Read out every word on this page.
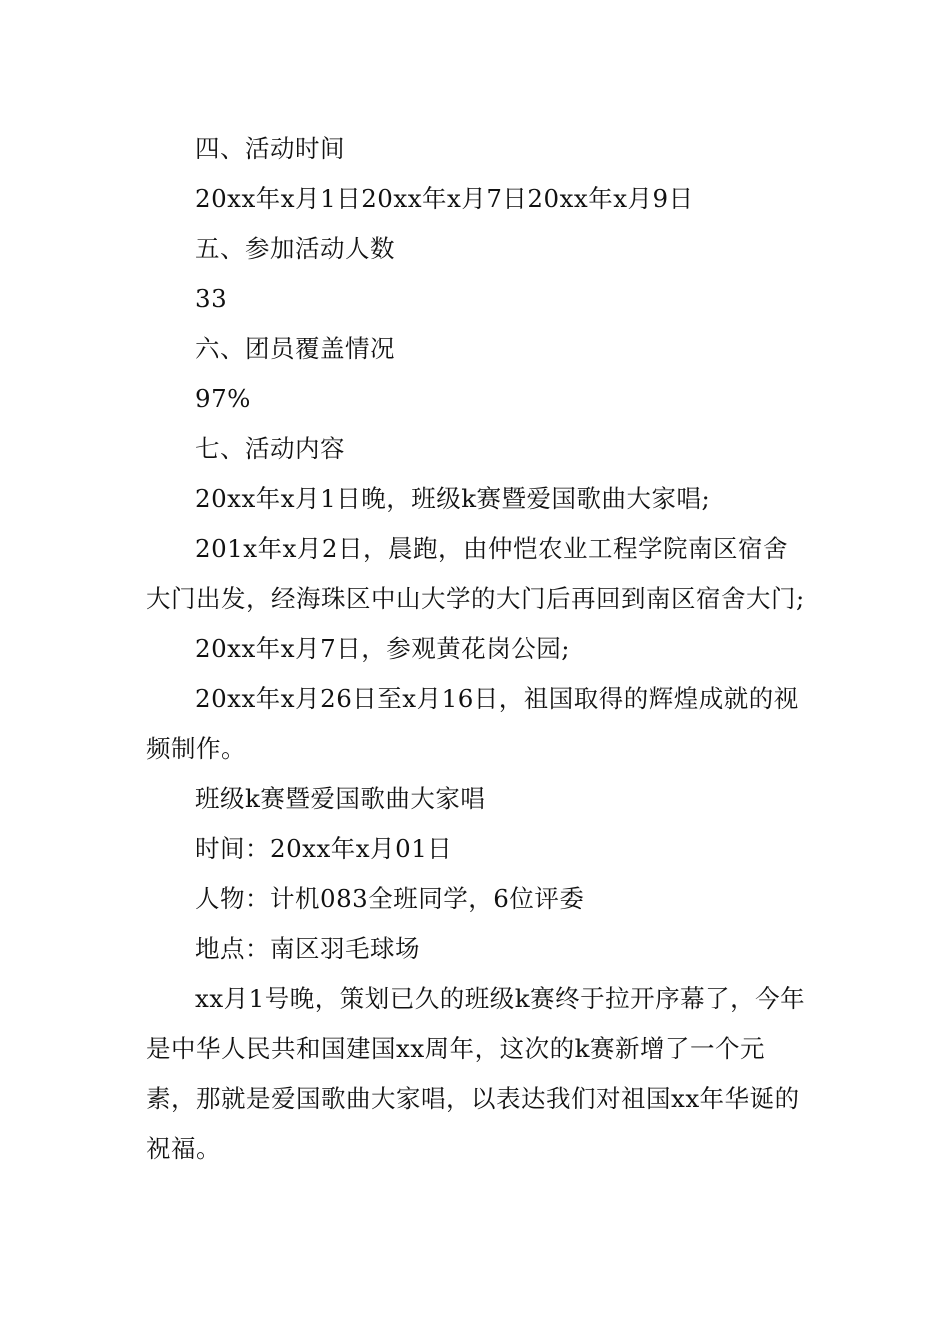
四、活动时间

20xx年x月1日20xx年x月7日20xx年x月9日

五、参加活动人数

33

六、团员覆盖情况

97%

七、活动内容

20xx年x月1日晚，班级k赛暨爱国歌曲大家唱;

201x年x月2日，晨跑，由仲恺农业工程学院南区宿舍大门出发，经海珠区中山大学的大门后再回到南区宿舍大门;

20xx年x月7日，参观黄花岗公园;

20xx年x月26日至x月16日，祖国取得的辉煌成就的视频制作。

班级k赛暨爱国歌曲大家唱

时间：20xx年x月01日

人物：计机083全班同学，6位评委

地点：南区羽毛球场

xx月1号晚，策划已久的班级k赛终于拉开序幕了，今年是中华人民共和国建国xx周年，这次的k赛新增了一个元素，那就是爱国歌曲大家唱，以表达我们对祖国xx年华诞的祝福。
